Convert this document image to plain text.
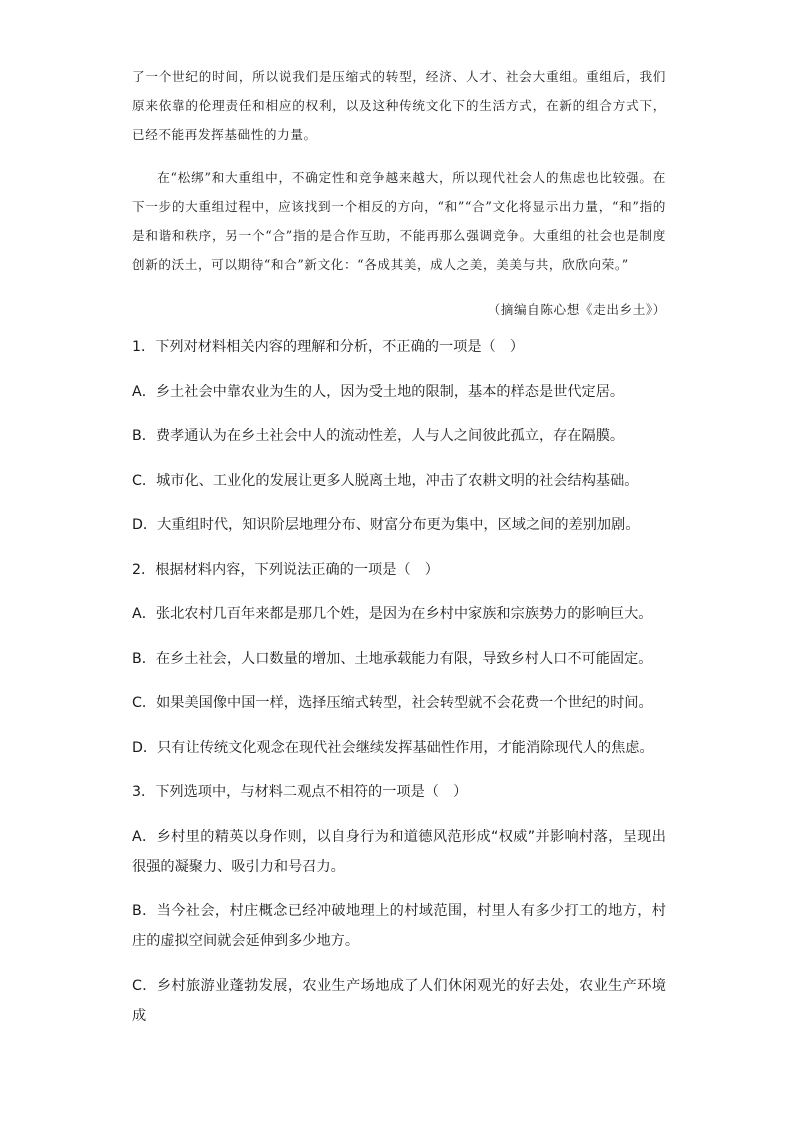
了一个世纪的时间，所以说我们是压缩式的转型，经济、人才、社会大重组。重组后，我们原来依靠的伦理责任和相应的权利，以及这种传统文化下的生活方式，在新的组合方式下，已经不能再发挥基础性的力量。

在“松绑”和大重组中，不确定性和竞争越来越大，所以现代社会人的焦虑也比较强。在下一步的大重组过程中，应该找到一个相反的方向，“和”“合”文化将显示出力量，“和”指的是和谐和秩序，另一个“合”指的是合作互助，不能再那么强调竞争。大重组的社会也是制度创新的沃土，可以期待“和合”新文化：“各成其美，成人之美，美美与共，欣欣向荣。”

（摘编自陈心想《走出乡土》）

1．下列对材料相关内容的理解和分析，不正确的一项是（　）

A．乡土社会中靠农业为生的人，因为受土地的限制，基本的样态是世代定居。

B．费孝通认为在乡土社会中人的流动性差，人与人之间彼此孤立，存在隔膜。

C．城市化、工业化的发展让更多人脱离土地，冲击了农耕文明的社会结构基础。

D．大重组时代，知识阶层地理分布、财富分布更为集中，区域之间的差别加剧。

2．根据材料内容，下列说法正确的一项是（　）

A．张北农村几百年来都是那几个姓，是因为在乡村中家族和宗族势力的影响巨大。

B．在乡土社会，人口数量的增加、土地承载能力有限，导致乡村人口不可能固定。

C．如果美国像中国一样，选择压缩式转型，社会转型就不会花费一个世纪的时间。

D．只有让传统文化观念在现代社会继续发挥基础性作用，才能消除现代人的焦虑。

3．下列选项中，与材料二观点不相符的一项是（　）

A．乡村里的精英以身作则，以自身行为和道德风范形成“权威”并影响村落，呈现出很强的凝聚力、吸引力和号召力。

B．当今社会，村庄概念已经冲破地理上的村域范围，村里人有多少打工的地方，村庄的虚拟空间就会延伸到多少地方。

C．乡村旅游业蓬勃发展，农业生产场地成了人们休闲观光的好去处，农业生产环境成
